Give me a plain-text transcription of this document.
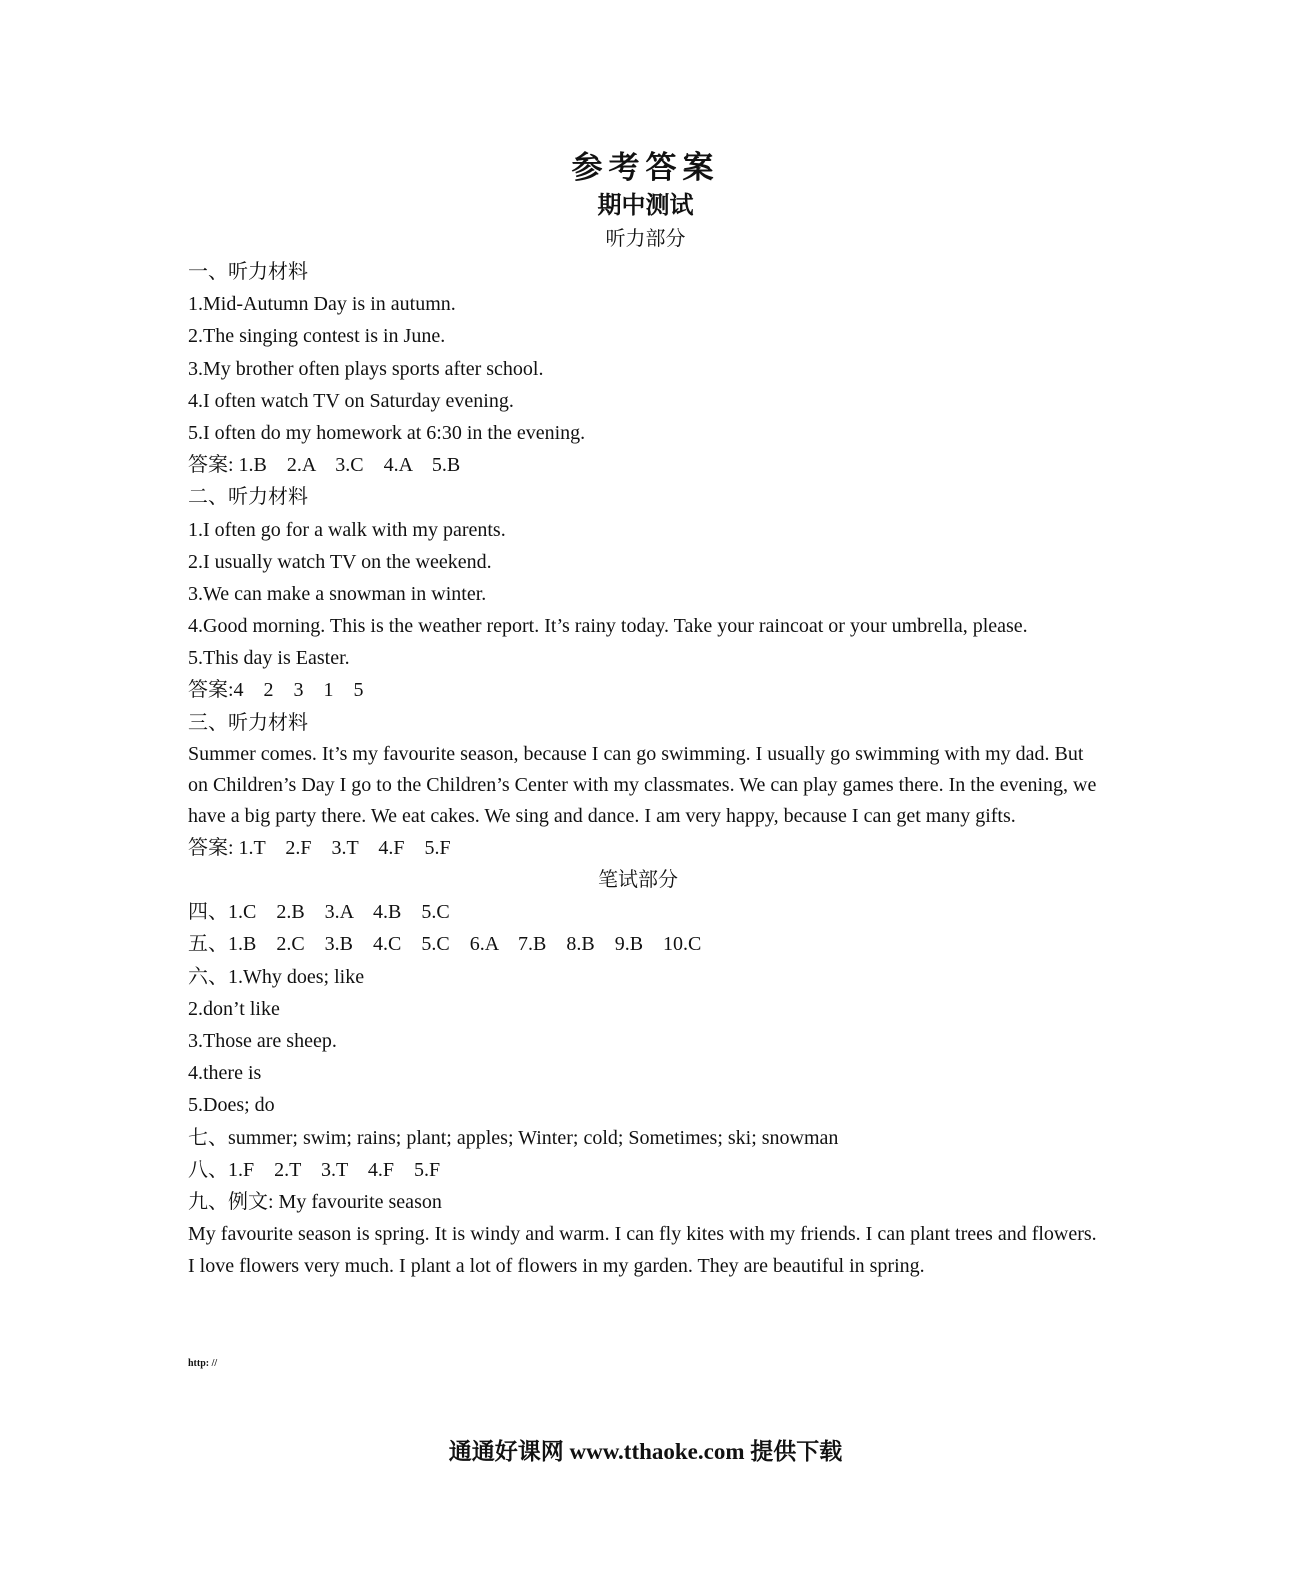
参考答案
期中测试
听力部分
一、听力材料
1.Mid-Autumn Day is in autumn.
2.The singing contest is in June.
3.My brother often plays sports after school.
4.I often watch TV on Saturday evening.
5.I often do my homework at 6:30 in the evening.
答案: 1.B    2.A    3.C    4.A    5.B
二、听力材料
1.I often go for a walk with my parents.
2.I usually watch TV on the weekend.
3.We can make a snowman in winter.
4.Good morning. This is the weather report. It’s rainy today. Take your raincoat or your umbrella, please.
5.This day is Easter.
答案:4    2    3    1    5
三、听力材料
Summer comes. It’s my favourite season, because I can go swimming. I usually go swimming with my dad. But on Children’s Day I go to the Children’s Center with my classmates. We can play games there. In the evening, we have a big party there. We eat cakes. We sing and dance. I am very happy, because I can get many gifts.
答案: 1.T    2.F    3.T    4.F    5.F
笔试部分
四、1.C    2.B    3.A    4.B    5.C
五、1.B    2.C    3.B    4.C    5.C    6.A    7.B    8.B    9.B    10.C
六、1.Why does; like
2.don’t like
3.Those are sheep.
4.there is
5.Does; do
七、summer; swim; rains; plant; apples; Winter; cold; Sometimes; ski; snowman
八、1.F    2.T    3.T    4.F    5.F
九、例文: My favourite season
My favourite season is spring. It is windy and warm. I can fly kites with my friends. I can plant trees and flowers. I love flowers very much. I plant a lot of flowers in my garden. They are beautiful in spring.
http: //
通通好课网 www.tthaoke.com 提供下载
